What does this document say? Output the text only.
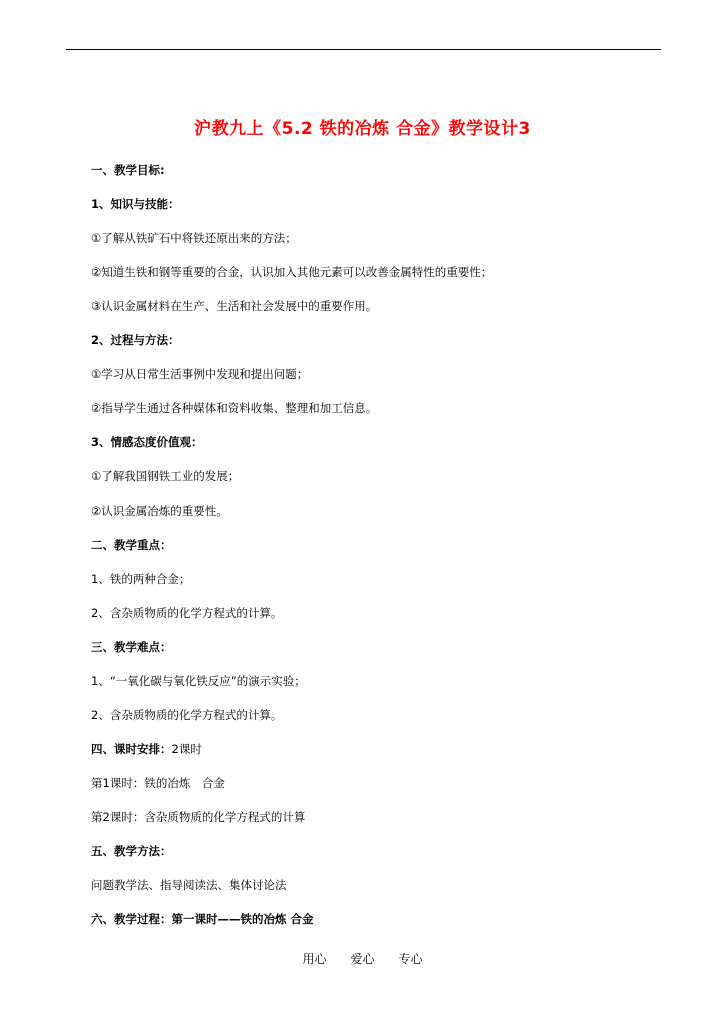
沪教九上《5.2 铁的冶炼 合金》教学设计3
一、教学目标:
1、知识与技能：
①了解从铁矿石中将铁还原出来的方法；
②知道生铁和钢等重要的合金，认识加入其他元素可以改善金属特性的重要性；
③认识金属材料在生产、生活和社会发展中的重要作用。
2、过程与方法：
①学习从日常生活事例中发现和提出问题；
②指导学生通过各种媒体和资料收集、整理和加工信息。
3、情感态度价值观：
①了解我国钢铁工业的发展；
②认识金属冶炼的重要性。
二、教学重点：
1、铁的两种合金；
2、含杂质物质的化学方程式的计算。
三、教学难点：
1、“一氧化碳与氧化铁反应”的演示实验；
2、含杂质物质的化学方程式的计算。
四、课时安排：2课时
第1课时：铁的冶炼　合金
第2课时：含杂质物质的化学方程式的计算
五、教学方法：
问题教学法、指导阅读法、集体讨论法
六、教学过程：第一课时——铁的冶炼 合金
用心　　爱心　　专心
